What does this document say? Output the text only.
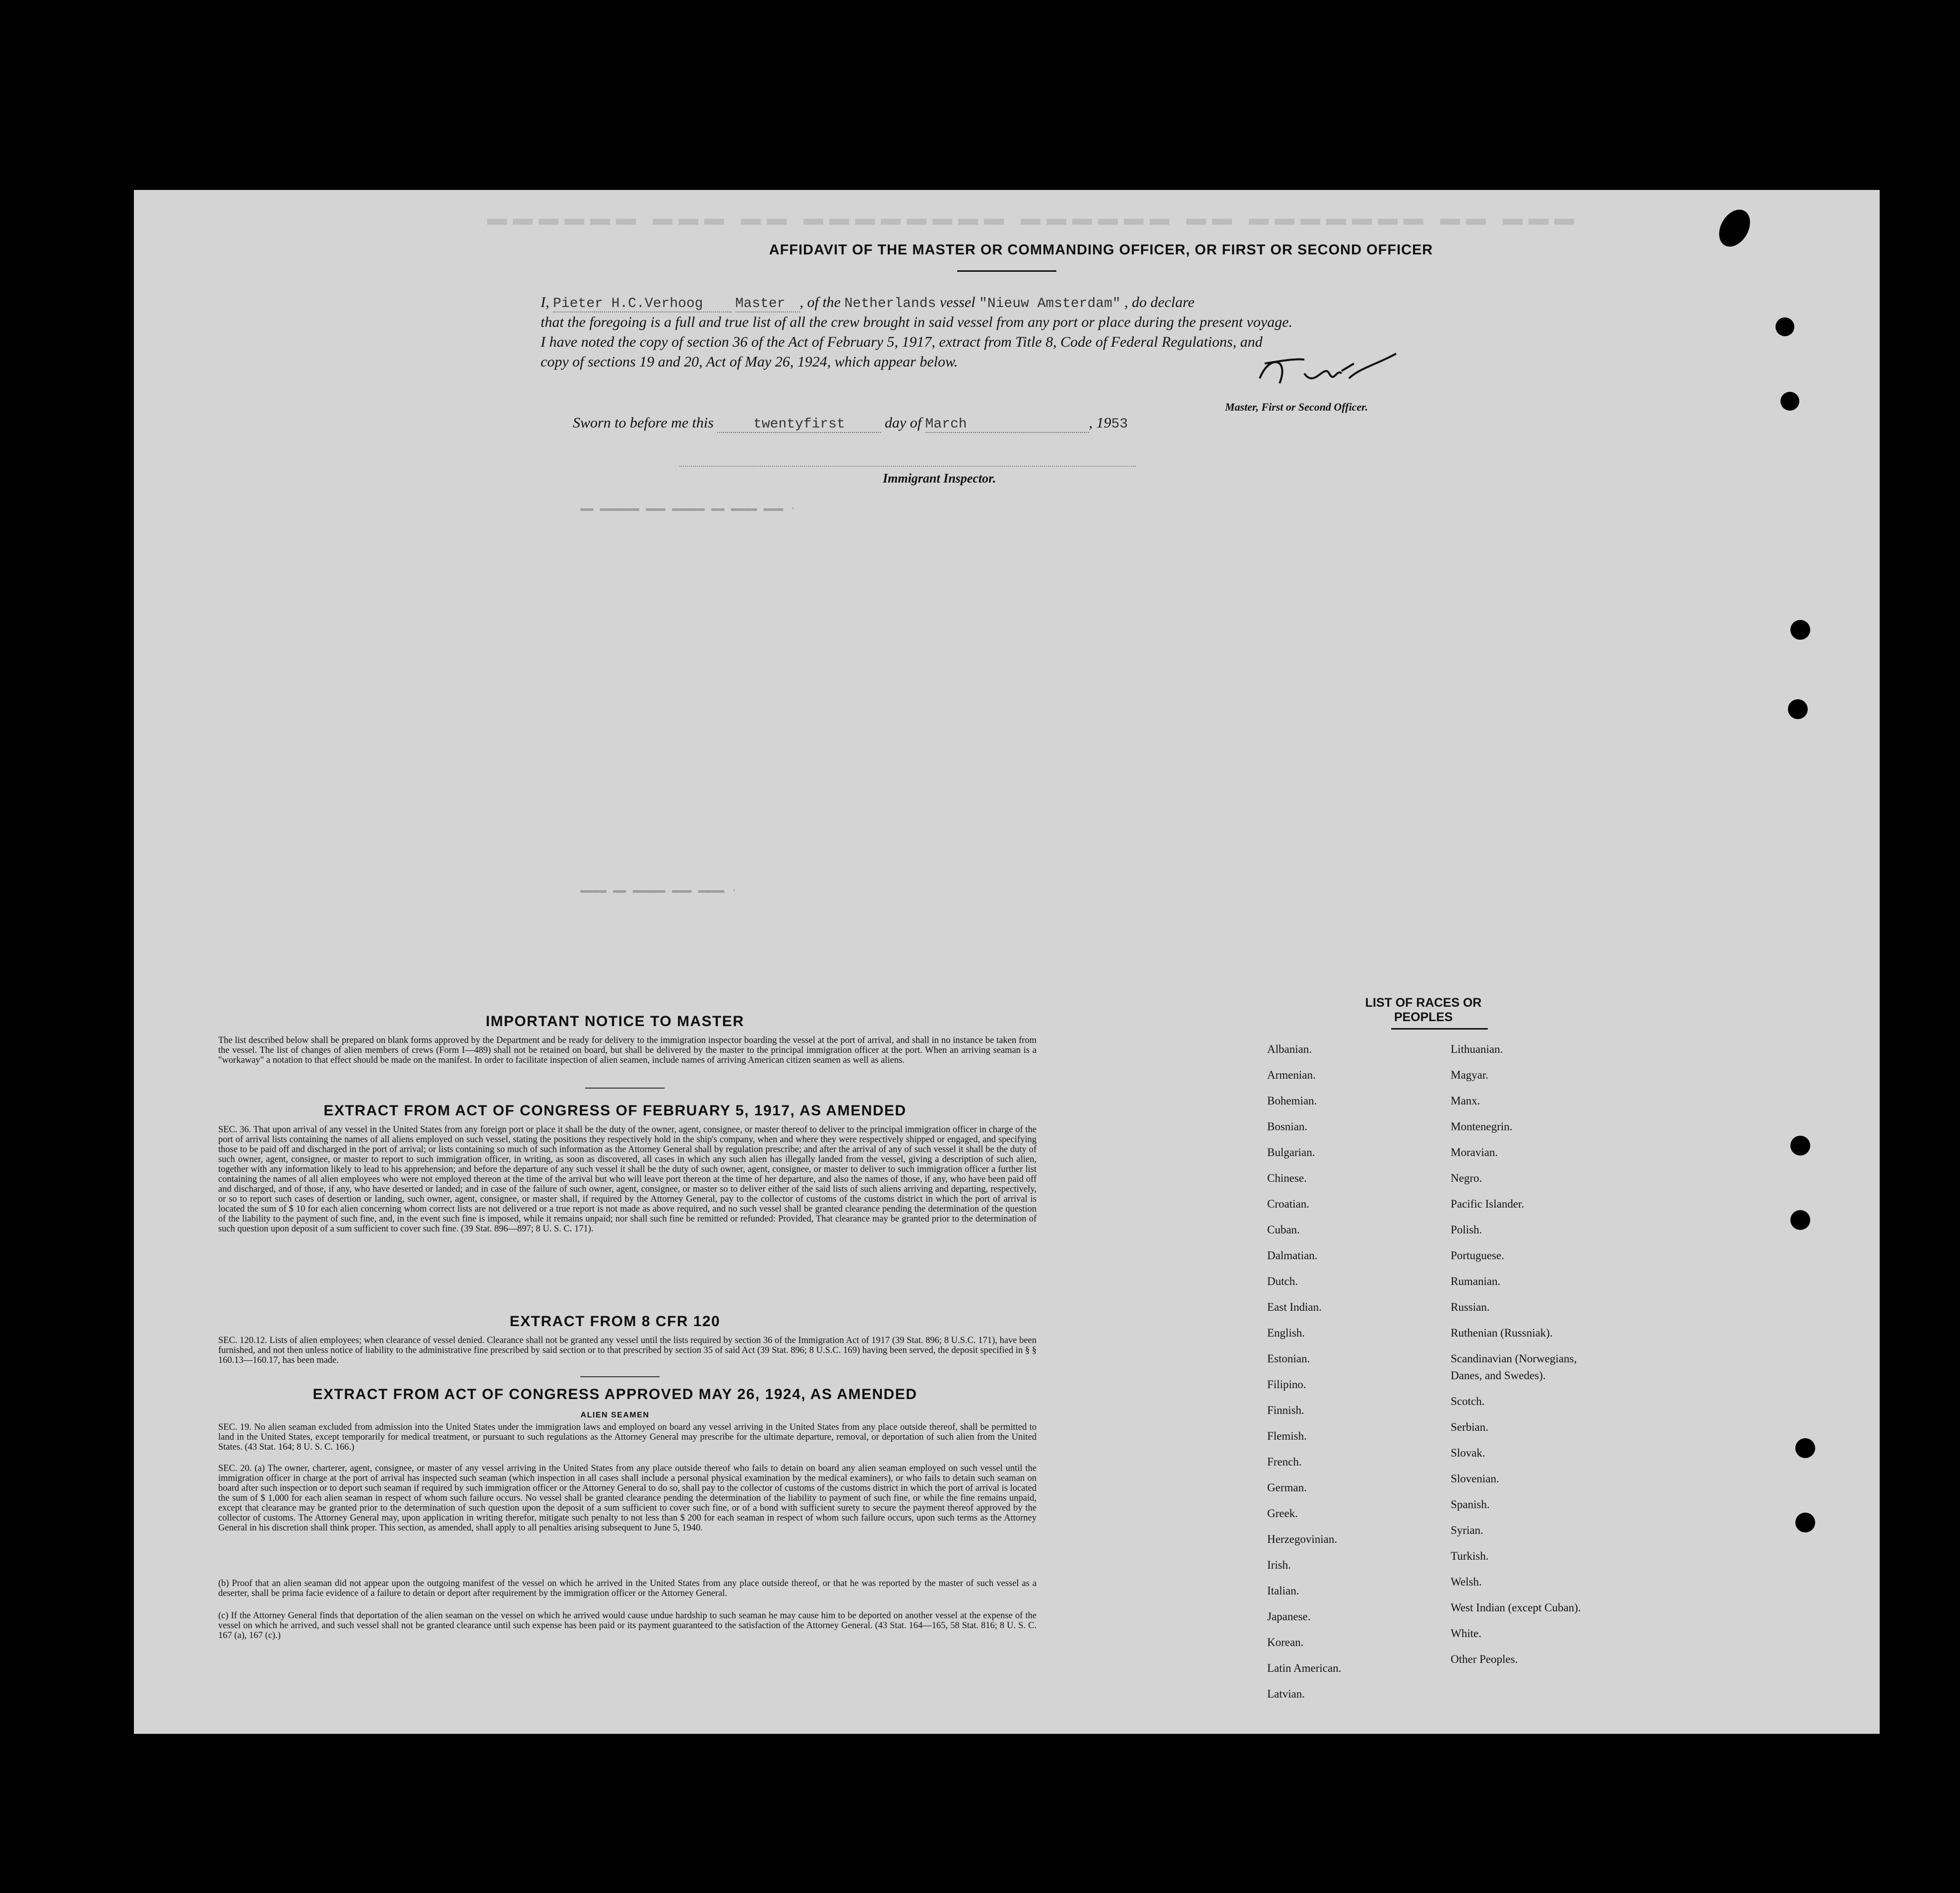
▬▬▬ ▬▬ ▬▬▬▬▬▬▬ ▬▬ ▬▬▬▬▬▬ ▬▬▬▬▬▬▬▬ ▬▬ ▬▬▬ ▬▬▬▬▬▬
· ▬▬▬ ▬▬▬▬ ▬▬ ▬▬▬▬▬ ▬▬▬ ▬▬▬▬▬▬ ▬▬
· ▬▬▬▬ ▬▬▬ ▬▬▬▬▬ ▬▬ ▬▬▬▬
AFFIDAVIT OF THE MASTER OR COMMANDING OFFICER, OR FIRST OR SECOND OFFICER
I, Pieter H.C.Verhoog Master , of the Netherlands vessel "Nieuw Amsterdam" , do declare
that the foregoing is a full and true list of all the crew brought in said vessel from any port or place during the present voyage.
I have noted the copy of section 36 of the Act of February 5, 1917, extract from Title 8, Code of Federal Regulations, and
copy of sections 19 and 20, Act of May 26, 1924, which appear below.
Master, First or Second Officer.
Sworn to before me this	twentyfirst	day of March	, 1953
Immigrant Inspector.
IMPORTANT NOTICE TO MASTER
The list described below shall be prepared on blank forms approved by the Department and be ready for delivery to the immigration inspector boarding the vessel at the port of arrival, and shall in no instance be taken from the vessel. The list of changes of alien members of crews (Form I—489) shall not be retained on board, but shall be delivered by the master to the principal immigration officer at the port. When an arriving seaman is a "workaway" a notation to that effect should be made on the manifest. In order to facilitate inspection of alien seamen, include names of arriving American citizen seamen as well as aliens.
EXTRACT FROM ACT OF CONGRESS OF FEBRUARY 5, 1917, AS AMENDED
SEC. 36. That upon arrival of any vessel in the United States from any foreign port or place it shall be the duty of the owner, agent, consignee, or master thereof to deliver to the principal immigration officer in charge of the port of arrival lists containing the names of all aliens employed on such vessel, stating the positions they respectively hold in the ship's company, when and where they were respectively shipped or engaged, and specifying those to be paid off and discharged in the port of arrival; or lists containing so much of such information as the Attorney General shall by regulation prescribe; and after the arrival of any of such vessel it shall be the duty of such owner, agent, consignee, or master to report to such immigration officer, in writing, as soon as discovered, all cases in which any such alien has illegally landed from the vessel, giving a description of such alien, together with any information likely to lead to his apprehension; and before the departure of any such vessel it shall be the duty of such owner, agent, consignee, or master to deliver to such immigration officer a further list containing the names of all alien employees who were not employed thereon at the time of the arrival but who will leave port thereon at the time of her departure, and also the names of those, if any, who have been paid off and discharged, and of those, if any, who have deserted or landed; and in case of the failure of such owner, agent, consignee, or master so to deliver either of the said lists of such aliens arriving and departing, respectively, or so to report such cases of desertion or landing, such owner, agent, consignee, or master shall, if required by the Attorney General, pay to the collector of customs of the customs district in which the port of arrival is located the sum of $ 10 for each alien concerning whom correct lists are not delivered or a true report is not made as above required, and no such vessel shall be granted clearance pending the determination of the question of the liability to the payment of such fine, and, in the event such fine is imposed, while it remains unpaid; nor shall such fine be remitted or refunded: Provided, That clearance may be granted prior to the determination of such question upon deposit of a sum sufficient to cover such fine. (39 Stat. 896—897; 8 U. S. C. 171).
EXTRACT FROM 8 CFR 120
SEC. 120.12. Lists of alien employees; when clearance of vessel denied. Clearance shall not be granted any vessel until the lists required by section 36 of the Immigration Act of 1917 (39 Stat. 896; 8 U.S.C. 171), have been furnished, and not then unless notice of liability to the administrative fine prescribed by said section or to that prescribed by section 35 of said Act (39 Stat. 896; 8 U.S.C. 169) having been served, the deposit specified in § § 160.13—160.17, has been made.
EXTRACT FROM ACT OF CONGRESS APPROVED MAY 26, 1924, AS AMENDED
ALIEN SEAMEN
SEC. 19. No alien seaman excluded from admission into the United States under the immigration laws and employed on board any vessel arriving in the United States from any place outside thereof, shall be permitted to land in the United States, except temporarily for medical treatment, or pursuant to such regulations as the Attorney General may prescribe for the ultimate departure, removal, or deportation of such alien from the United States. (43 Stat. 164; 8 U. S. C. 166.)
SEC. 20. (a) The owner, charterer, agent, consignee, or master of any vessel arriving in the United States from any place outside thereof who fails to detain on board any alien seaman employed on such vessel until the immigration officer in charge at the port of arrival has inspected such seaman (which inspection in all cases shall include a personal physical examination by the medical examiners), or who fails to detain such seaman on board after such inspection or to deport such seaman if required by such immigration officer or the Attorney General to do so, shall pay to the collector of customs of the customs district in which the port of arrival is located the sum of $ 1,000 for each alien seaman in respect of whom such failure occurs. No vessel shall be granted clearance pending the determination of the liability to payment of such fine, or while the fine remains unpaid, except that clearance may be granted prior to the determination of such question upon the deposit of a sum sufficient to cover such fine, or of a bond with sufficient surety to secure the payment thereof approved by the collector of customs. The Attorney General may, upon application in writing therefor, mitigate such penalty to not less than $ 200 for each seaman in respect of whom such failure occurs, upon such terms as the Attorney General in his discretion shall think proper. This section, as amended, shall apply to all penalties arising subsequent to June 5, 1940.
(b) Proof that an alien seaman did not appear upon the outgoing manifest of the vessel on which he arrived in the United States from any place outside thereof, or that he was reported by the master of such vessel as a deserter, shall be prima facie evidence of a failure to detain or deport after requirement by the immigration officer or the Attorney General.
(c) If the Attorney General finds that deportation of the alien seaman on the vessel on which he arrived would cause undue hardship to such seaman he may cause him to be deported on another vessel at the expense of the vessel on which he arrived, and such vessel shall not be granted clearance until such expense has been paid or its payment guaranteed to the satisfaction of the Attorney General. (43 Stat. 164—165, 58 Stat. 816; 8 U. S. C. 167 (a), 167 (c).)
LIST OF RACES OR PEOPLES
Albanian.
Armenian.
Bohemian.
Bosnian.
Bulgarian.
Chinese.
Croatian.
Cuban.
Dalmatian.
Dutch.
East Indian.
English.
Estonian.
Filipino.
Finnish.
Flemish.
French.
German.
Greek.
Herzegovinian.
Irish.
Italian.
Japanese.
Korean.
Latin American.
Latvian.
Lithuanian.
Magyar.
Manx.
Montenegrin.
Moravian.
Negro.
Pacific Islander.
Polish.
Portuguese.
Rumanian.
Russian.
Ruthenian (Russniak).
Scandinavian (Norwegians,
Danes, and Swedes).
Scotch.
Serbian.
Slovak.
Slovenian.
Spanish.
Syrian.
Turkish.
Welsh.
West Indian (except Cuban).
White.
Other Peoples.
